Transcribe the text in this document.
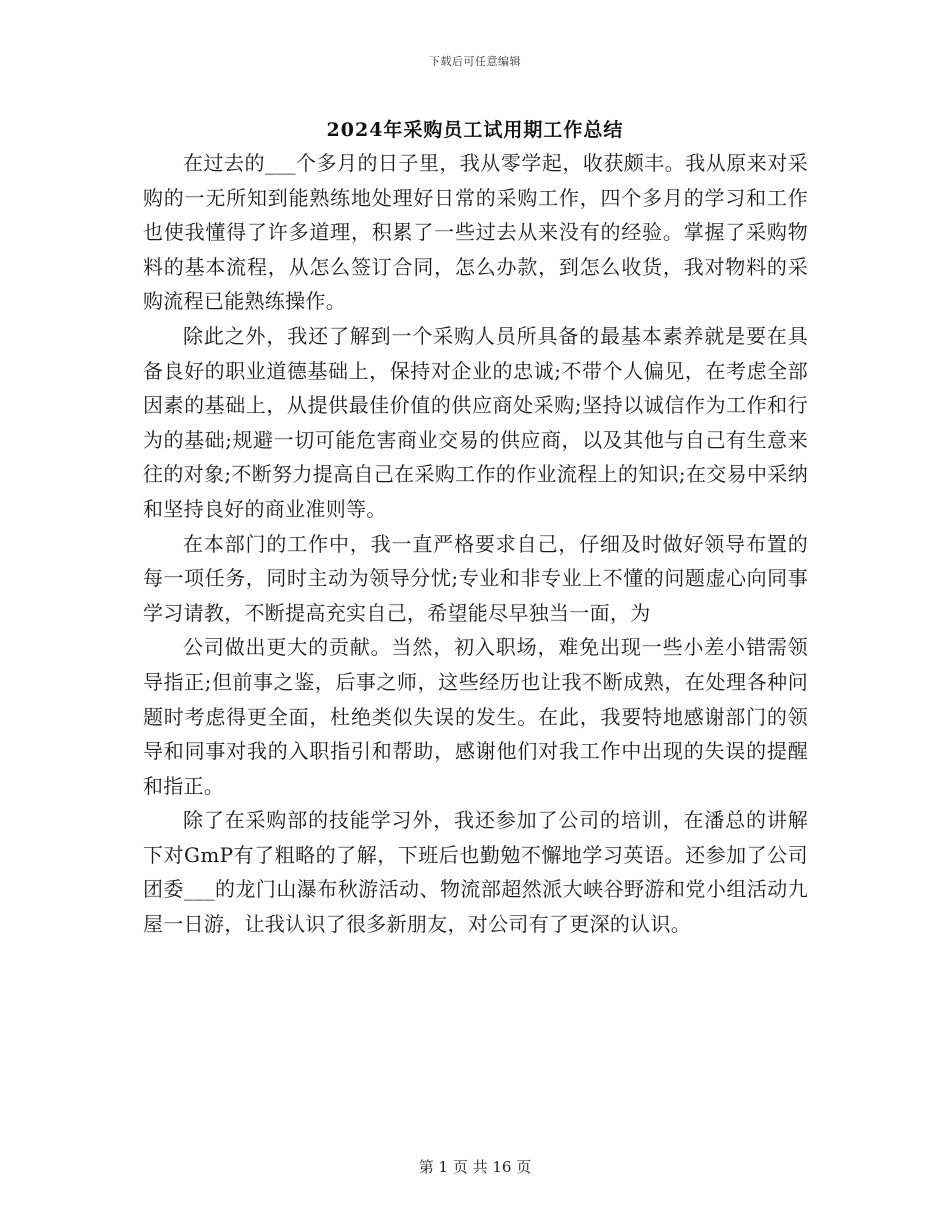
下载后可任意编辑
2024年采购员工试用期工作总结

在过去的___个多月的日子里，我从零学起，收获颇丰。我从原来对采购的一无所知到能熟练地处理好日常的采购工作，四个多月的学习和工作也使我懂得了许多道理，积累了一些过去从来没有的经验。掌握了采购物料的基本流程，从怎么签订合同，怎么办款，到怎么收货，我对物料的采购流程已能熟练操作。

除此之外，我还了解到一个采购人员所具备的最基本素养就是要在具备良好的职业道德基础上，保持对企业的忠诚;不带个人偏见，在考虑全部因素的基础上，从提供最佳价值的供应商处采购;坚持以诚信作为工作和行为的基础;规避一切可能危害商业交易的供应商，以及其他与自己有生意来往的对象;不断努力提高自己在采购工作的作业流程上的知识;在交易中采纳和坚持良好的商业准则等。

在本部门的工作中，我一直严格要求自己，仔细及时做好领导布置的每一项任务，同时主动为领导分忧;专业和非专业上不懂的问题虚心向同事学习请教，不断提高充实自己，希望能尽早独当一面，为

公司做出更大的贡献。当然，初入职场，难免出现一些小差小错需领导指正;但前事之鉴，后事之师，这些经历也让我不断成熟，在处理各种问题时考虑得更全面，杜绝类似失误的发生。在此，我要特地感谢部门的领导和同事对我的入职指引和帮助，感谢他们对我工作中出现的失误的提醒和指正。

除了在采购部的技能学习外，我还参加了公司的培训，在潘总的讲解下对GmP有了粗略的了解，下班后也勤勉不懈地学习英语。还参加了公司团委___的龙门山瀑布秋游活动、物流部超然派大峡谷野游和党小组活动九屋一日游，让我认识了很多新朋友，对公司有了更深的认识。

第 1 页 共 16 页
